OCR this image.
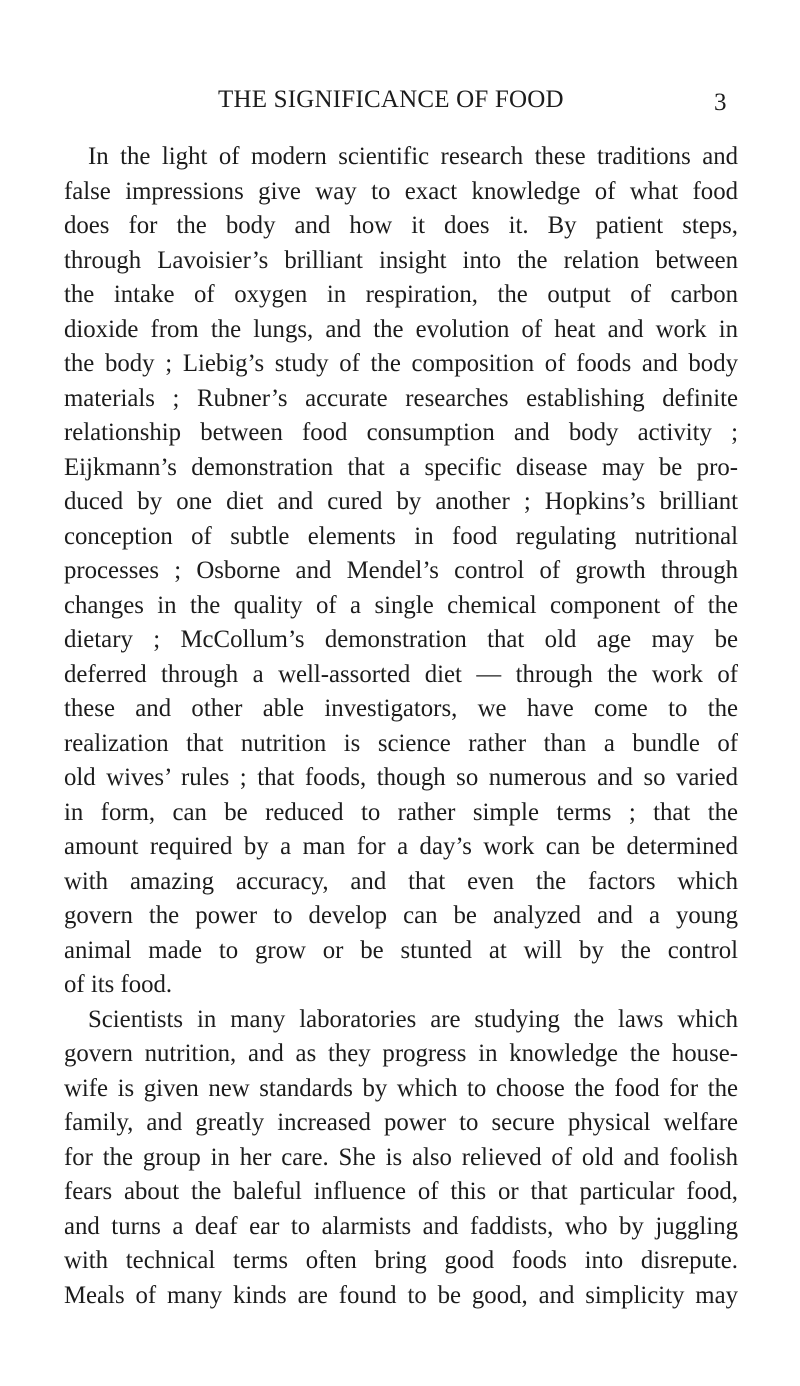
THE SIGNIFICANCE OF FOOD	3
In the light of modern scientific research these traditions and
false impressions give way to exact knowledge of what food
does for the body and how it does it. By patient steps,
through Lavoisier’s brilliant insight into the relation between
the intake of oxygen in respiration, the output of carbon
dioxide from the lungs, and the evolution of heat and work in
the body ; Liebig’s study of the composition of foods and body
materials ; Rubner’s accurate researches establishing definite
relationship between food consumption and body activity ;
Eijkmann’s demonstration that a specific disease may be pro-
duced by one diet and cured by another ; Hopkins’s brilliant
conception of subtle elements in food regulating nutritional
processes ; Osborne and Mendel’s control of growth through
changes in the quality of a single chemical component of the
dietary ; McCollum’s demonstration that old age may be
deferred through a well-assorted diet — through the work of
these and other able investigators, we have come to the
realization that nutrition is science rather than a bundle of
old wives’ rules ; that foods, though so numerous and so varied
in form, can be reduced to rather simple terms ; that the
amount required by a man for a day’s work can be determined
with amazing accuracy, and that even the factors which
govern the power to develop can be analyzed and a young
animal made to grow or be stunted at will by the control
of its food.
Scientists in many laboratories are studying the laws which
govern nutrition, and as they progress in knowledge the house-
wife is given new standards by which to choose the food for the
family, and greatly increased power to secure physical welfare
for the group in her care. She is also relieved of old and foolish
fears about the baleful influence of this or that particular food,
and turns a deaf ear to alarmists and faddists, who by juggling
with technical terms often bring good foods into disrepute.
Meals of many kinds are found to be good, and simplicity may
